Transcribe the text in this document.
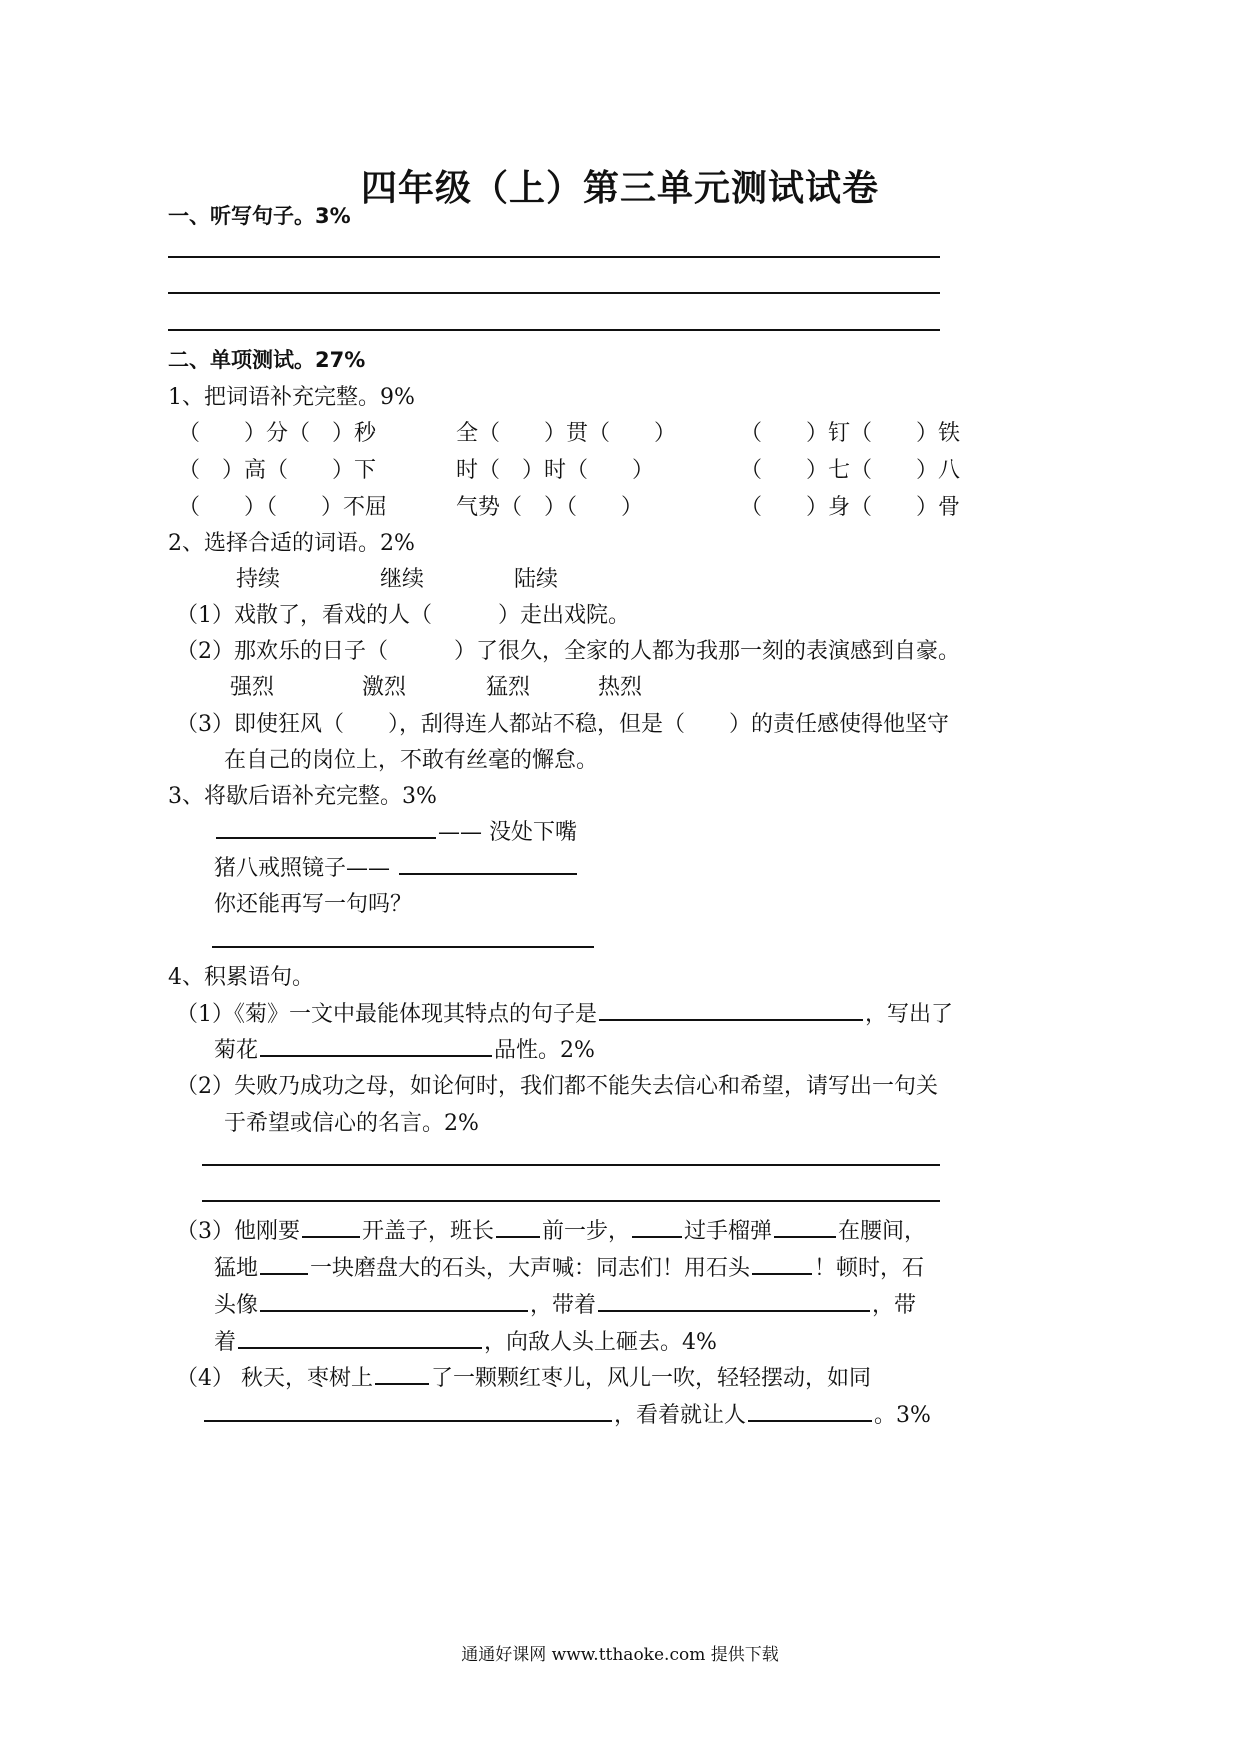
四年级（上）第三单元测试试卷
一、听写句子。3%
二、单项测试。27%
1、把词语补充完整。9%
（　　）分（　）秒	全（　　）贯（　　）	（　　）钉（　　）铁
（　）高（　　）下	时（　）时（　　）	（　　）七（　　）八
（　　）（　　）不屈	气势（　）（　　）	（　　）身（　　）骨
2、选择合适的词语。2%
持续	继续	陆续
（1）戏散了，看戏的人（　　　）走出戏院。
（2）那欢乐的日子（　　　）了很久，全家的人都为我那一刻的表演感到自豪。
强烈	激烈	猛烈	热烈
（3）即使狂风（　　），刮得连人都站不稳，但是（　　）的责任感使得他坚守
在自己的岗位上，不敢有丝毫的懈怠。
3、将歇后语补充完整。3%
—— 没处下嘴
猪八戒照镜子——
你还能再写一句吗？
4、积累语句。
（1）《菊》一文中最能体现其特点的句子是	，写出了
菊花	品性。2%
（2）失败乃成功之母，如论何时，我们都不能失去信心和希望，请写出一句关
于希望或信心的名言。2%
（3）他刚要	开盖子，班长 前一步， 过手榴弹	在腰间，
猛地 一块磨盘大的石头，大声喊：同志们！用石头	！顿时，石
头像	，带着	，带
着	，向敌人头上砸去。4%
（4） 秋天，枣树上	了一颗颗红枣儿，风儿一吹，轻轻摆动，如同
，看着就让人	。3%
通通好课网 www.tthaoke.com 提供下载
